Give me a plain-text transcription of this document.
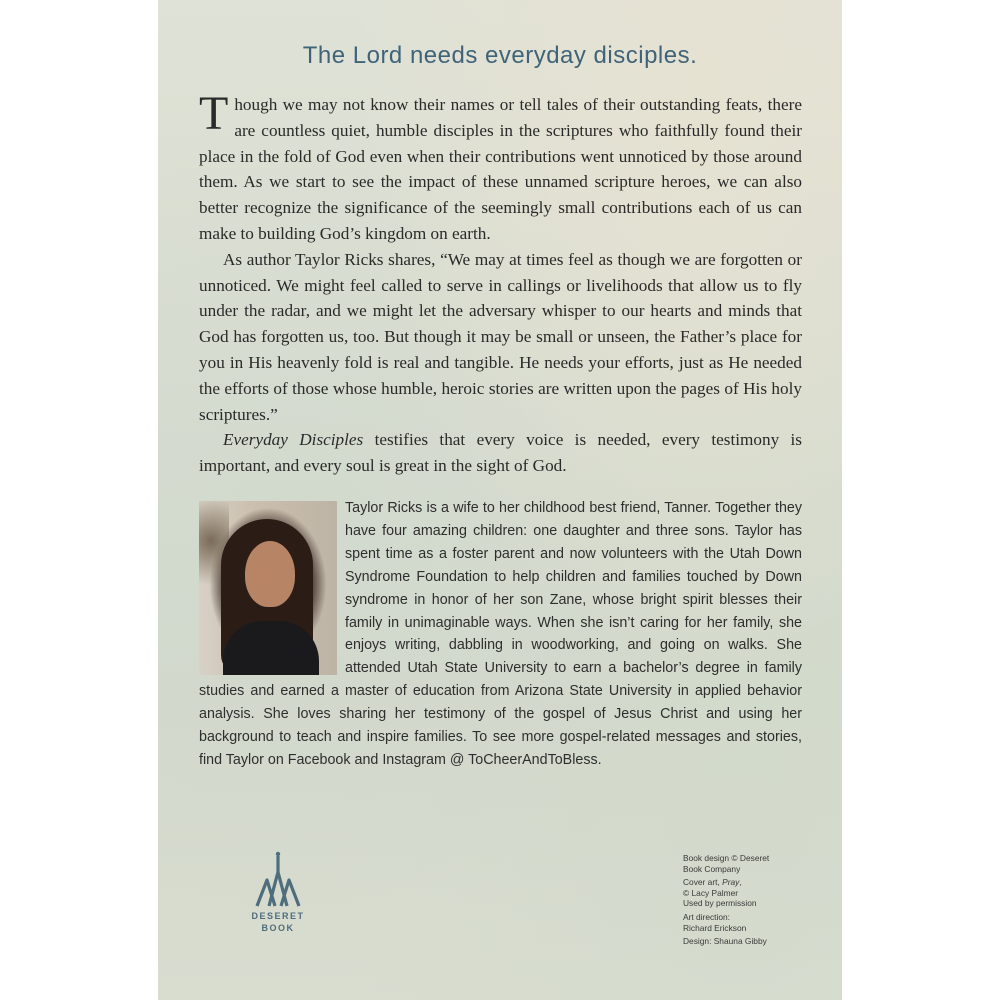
The Lord needs everyday disciples.

Though we may not know their names or tell tales of their outstanding feats, there are countless quiet, humble disciples in the scriptures who faithfully found their place in the fold of God even when their contributions went unnoticed by those around them. As we start to see the impact of these unnamed scripture heroes, we can also better recognize the significance of the seemingly small contributions each of us can make to building God’s kingdom on earth.

As author Taylor Ricks shares, “We may at times feel as though we are forgotten or unnoticed. We might feel called to serve in callings or livelihoods that allow us to fly under the radar, and we might let the adversary whisper to our hearts and minds that God has forgotten us, too. But though it may be small or unseen, the Father’s place for you in His heavenly fold is real and tangible. He needs your efforts, just as He needed the efforts of those whose humble, heroic stories are written upon the pages of His holy scriptures.”

Everyday Disciples testifies that every voice is needed, every testimony is important, and every soul is great in the sight of God.

Taylor Ricks is a wife to her childhood best friend, Tanner. Together they have four amazing children: one daughter and three sons. Taylor has spent time as a foster parent and now volunteers with the Utah Down Syndrome Foundation to help children and families touched by Down syndrome in honor of her son Zane, whose bright spirit blesses their family in unimaginable ways. When she isn’t caring for her family, she enjoys writing, dabbling in woodworking, and going on walks. She attended Utah State University to earn a bachelor’s degree in family studies and earned a master of education from Arizona State University in applied behavior analysis. She loves sharing her testimony of the gospel of Jesus Christ and using her background to teach and inspire families. To see more gospel-related messages and stories, find Taylor on Facebook and Instagram @ ToCheerAndToBless.
DESERET
BOOK
Book design © Deseret
Book Company
Cover art, Pray,
© Lacy Palmer
Used by permission
Art direction:
Richard Erickson
Design: Shauna Gibby
